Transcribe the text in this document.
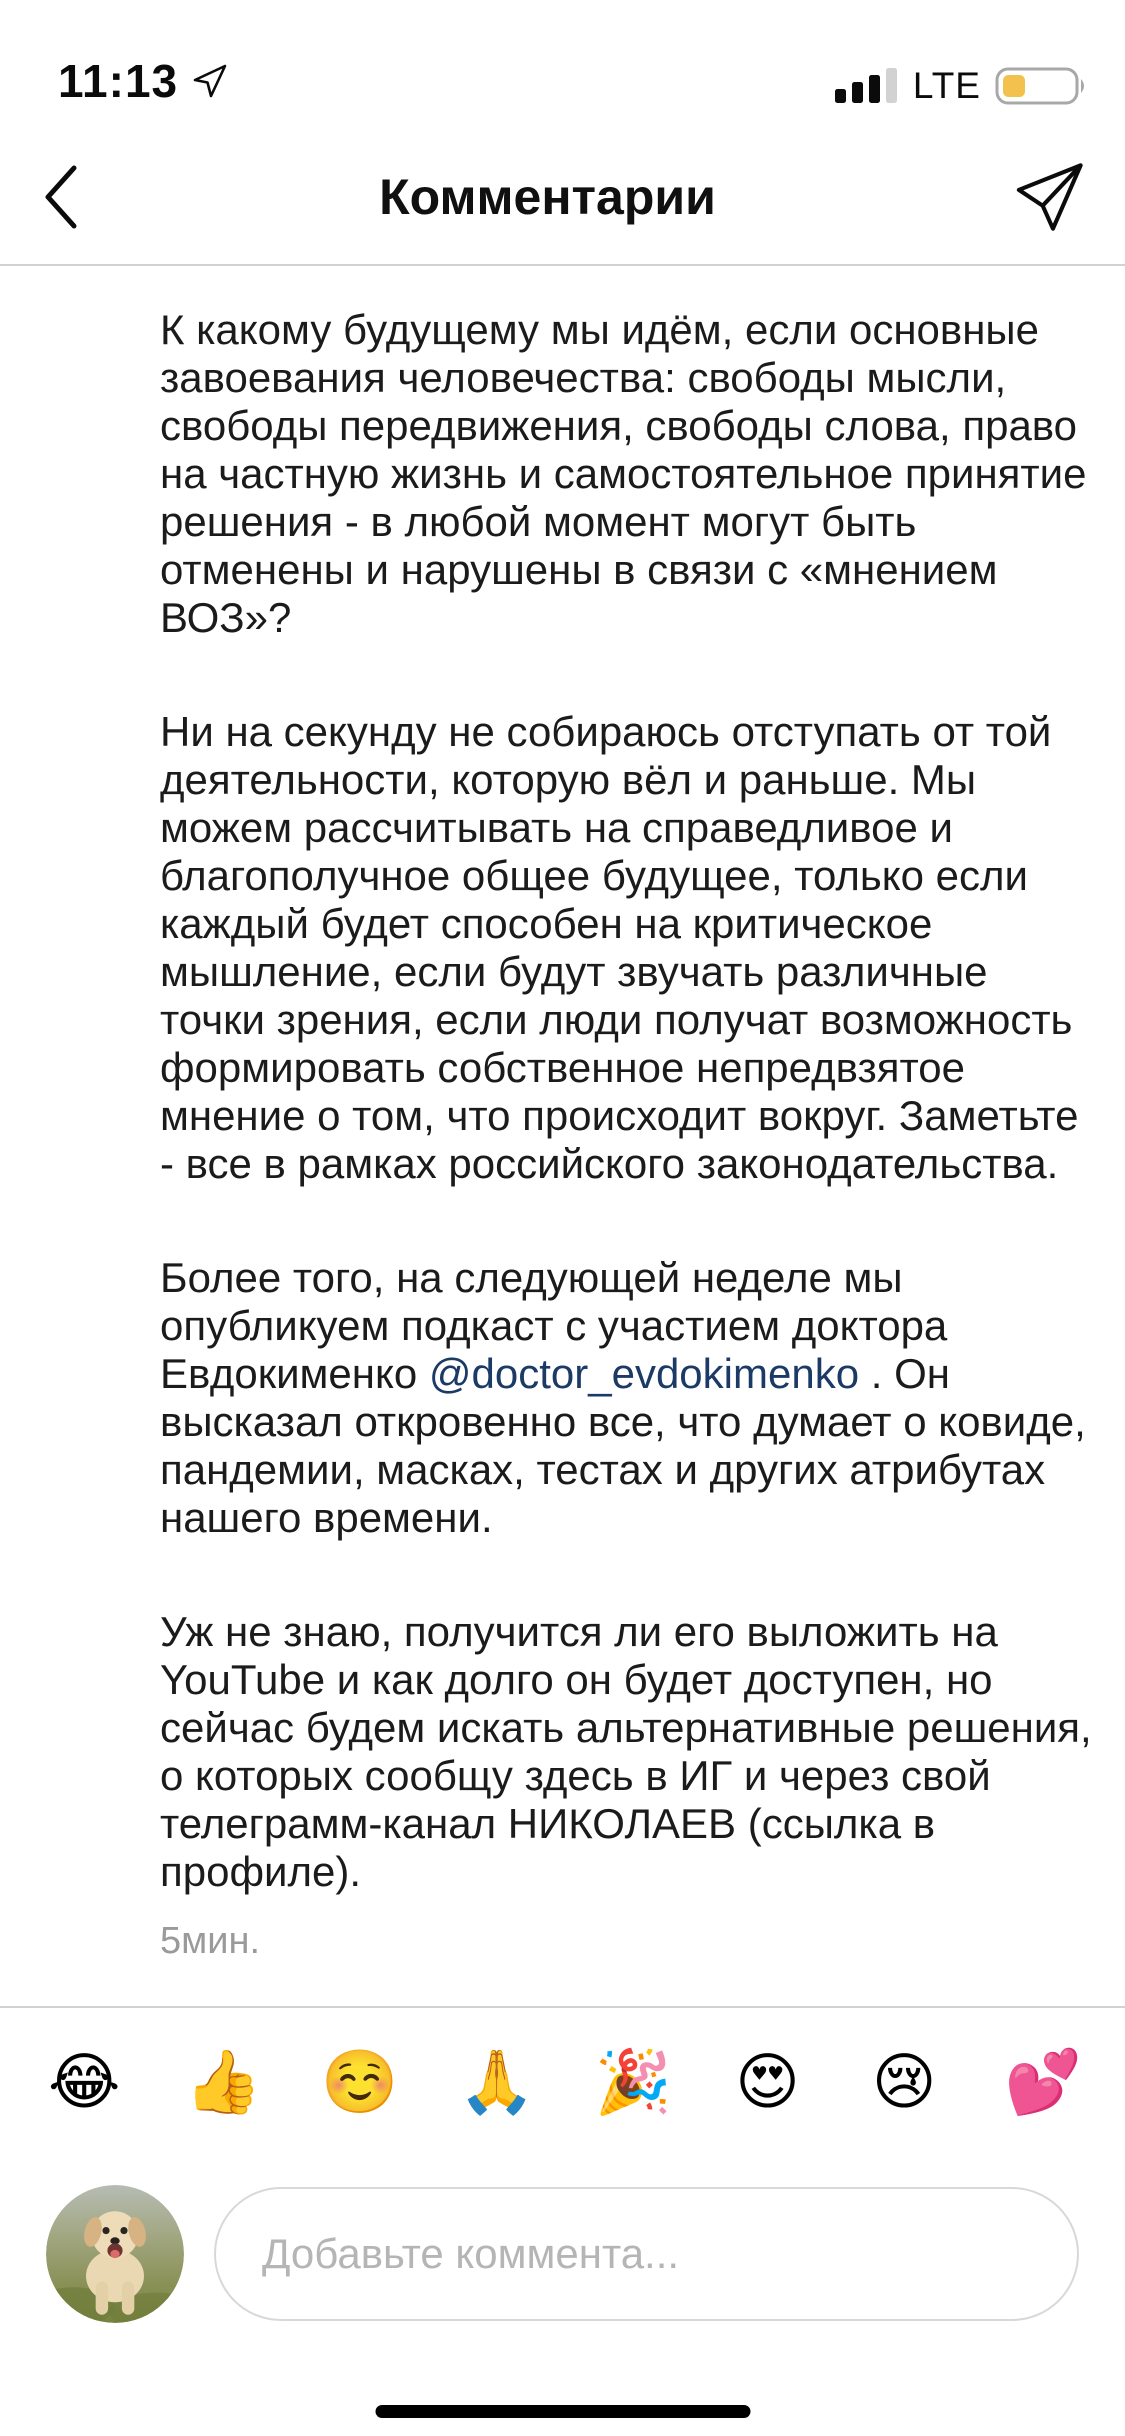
11:13	LTE
Комментарии

К какому будущему мы идём, если основные завоевания человечества: свободы мысли, свободы передвижения, свободы слова, право на частную жизнь и самостоятельное принятие решения - в любой момент могут быть отменены и нарушены в связи с «мнением ВОЗ»?

Ни на секунду не собираюсь отступать от той деятельности, которую вёл и раньше. Мы можем рассчитывать на справедливое и благополучное общее будущее, только если каждый будет способен на критическое мышление, если будут звучать различные точки зрения, если люди получат возможность формировать собственное непредвзятое мнение о том, что происходит вокруг. Заметьте - все в рамках российского законодательства.

Более того, на следующей неделе мы опубликуем подкаст с участием доктора Евдокименко @doctor_evdokimenko . Он высказал откровенно все, что думает о ковиде, пандемии, масках, тестах и других атрибутах нашего времени.

Уж не знаю, получится ли его выложить на YouTube и как долго он будет доступен, но сейчас будем искать альтернативные решения, о которых сообщу здесь в ИГ и через свой телеграмм-канал НИКОЛАЕВ (ссылка в профиле).

5мин.
😂 👍 ☺️ 🙏 🎉 😍 😢 💕
Добавьте коммента...
